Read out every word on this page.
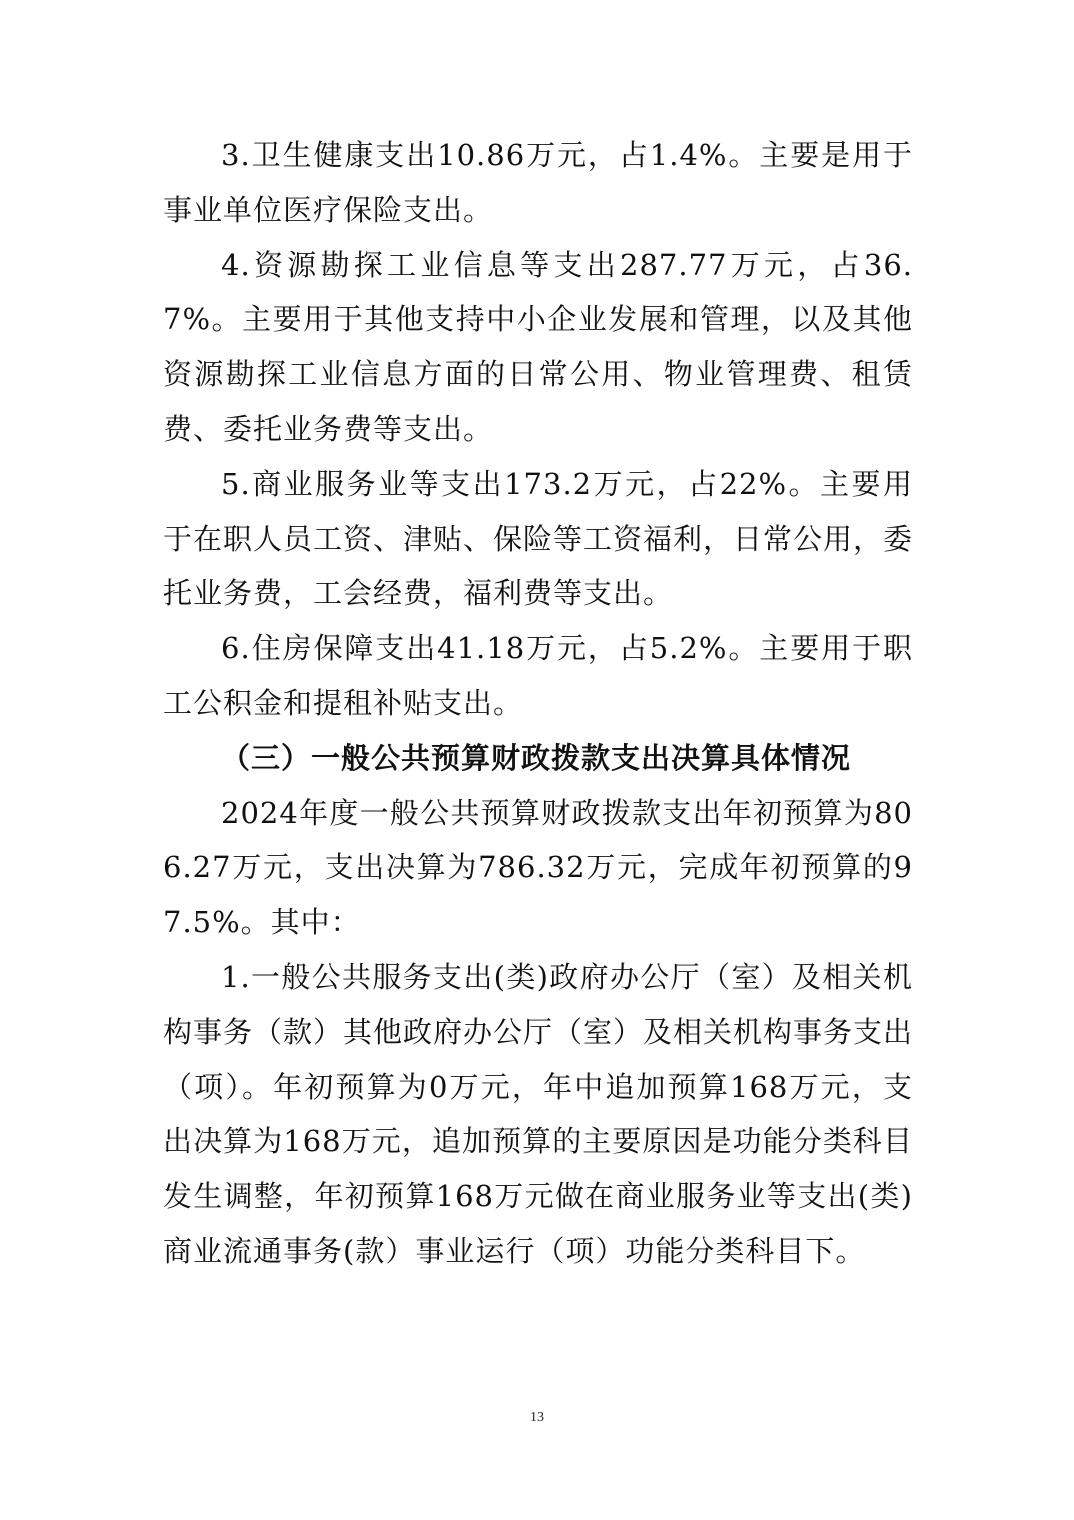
3.卫生健康支出10.86万元，占1.4%。主要是用于事业单位医疗保险支出。

4.资源勘探工业信息等支出287.77万元，占36.7%。主要用于其他支持中小企业发展和管理，以及其他资源勘探工业信息方面的日常公用、物业管理费、租赁费、委托业务费等支出。

5.商业服务业等支出173.2万元，占22%。主要用于在职人员工资、津贴、保险等工资福利，日常公用，委托业务费，工会经费，福利费等支出。

6.住房保障支出41.18万元，占5.2%。主要用于职工公积金和提租补贴支出。

（三）一般公共预算财政拨款支出决算具体情况

2024年度一般公共预算财政拨款支出年初预算为806.27万元，支出决算为786.32万元，完成年初预算的97.5%。其中：

1.一般公共服务支出(类)政府办公厅（室）及相关机构事务（款）其他政府办公厅（室）及相关机构事务支出（项）。年初预算为0万元，年中追加预算168万元，支出决算为168万元，追加预算的主要原因是功能分类科目发生调整，年初预算168万元做在商业服务业等支出(类)商业流通事务(款）事业运行（项）功能分类科目下。

13
